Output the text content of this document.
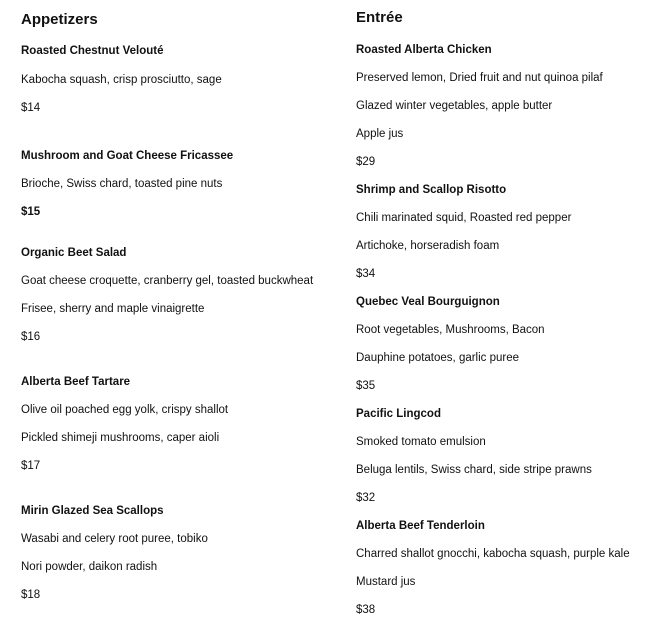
Appetizers
Roasted Chestnut Velouté
Kabocha squash, crisp prosciutto, sage
$14
Mushroom and Goat Cheese Fricassee
Brioche, Swiss chard, toasted pine nuts
$15
Organic Beet Salad
Goat cheese croquette, cranberry gel, toasted buckwheat
Frisee, sherry and maple vinaigrette
$16
Alberta Beef Tartare
Olive oil poached egg yolk, crispy shallot
Pickled shimeji mushrooms, caper aioli
$17
Mirin Glazed Sea Scallops
Wasabi and celery root puree, tobiko
Nori powder, daikon radish
$18
Entrée
Roasted Alberta Chicken
Preserved lemon, Dried fruit and nut quinoa pilaf
Glazed winter vegetables, apple butter
Apple jus
$29
Shrimp and Scallop Risotto
Chili marinated squid, Roasted red pepper
Artichoke, horseradish foam
$34
Quebec Veal Bourguignon
Root vegetables, Mushrooms, Bacon
Dauphine potatoes, garlic puree
$35
Pacific Lingcod
Smoked tomato emulsion
Beluga lentils, Swiss chard, side stripe prawns
$32
Alberta Beef Tenderloin
Charred shallot gnocchi, kabocha squash, purple kale
Mustard jus
$38
